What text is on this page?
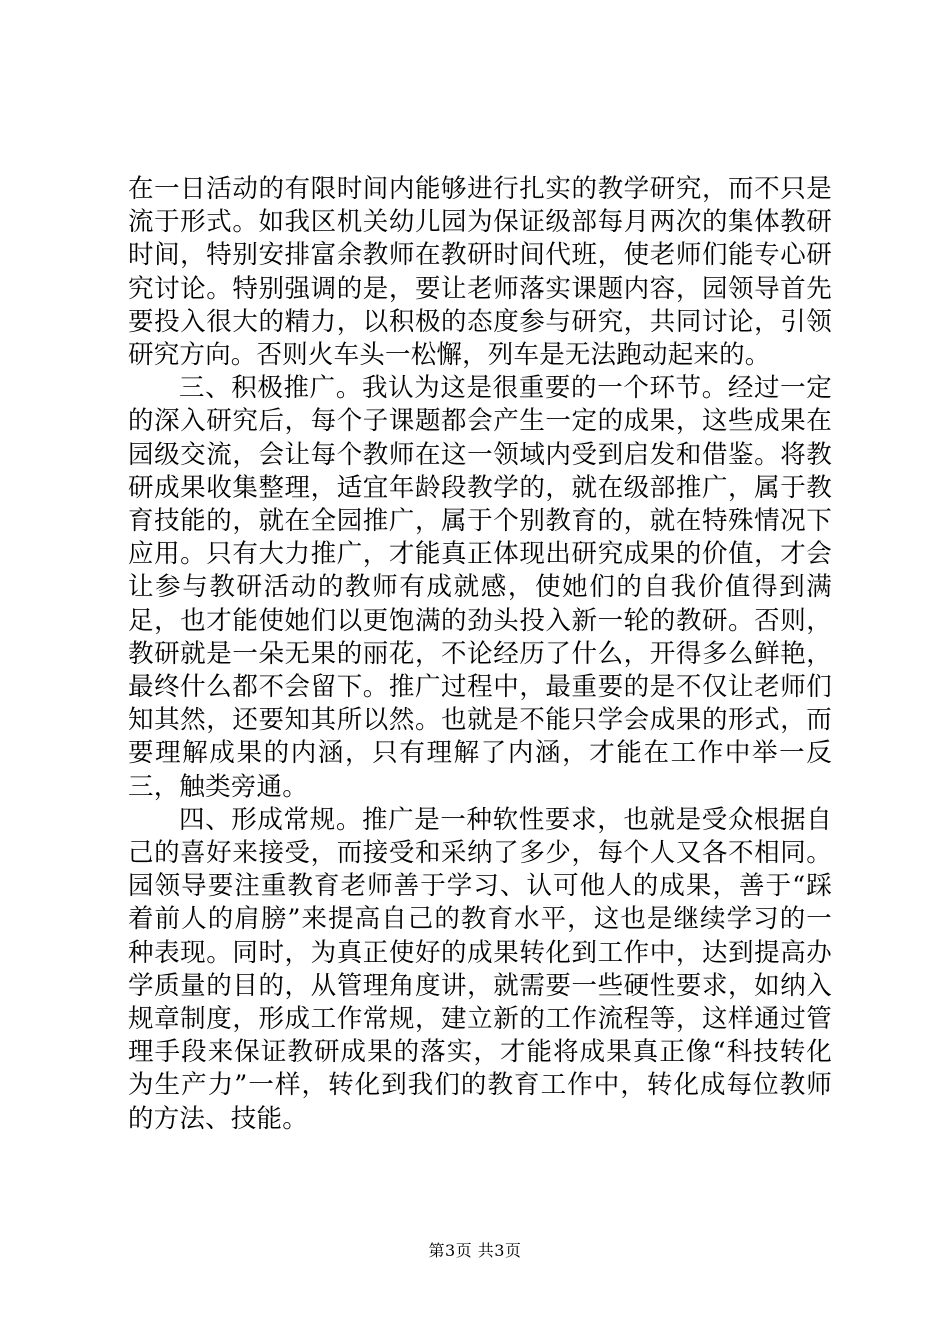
在一日活动的有限时间内能够进行扎实的教学研究，而不只是流于形式。如我区机关幼儿园为保证级部每月两次的集体教研时间，特别安排富余教师在教研时间代班，使老师们能专心研究讨论。特别强调的是，要让老师落实课题内容，园领导首先要投入很大的精力，以积极的态度参与研究，共同讨论，引领研究方向。否则火车头一松懈，列车是无法跑动起来的。

三、积极推广。我认为这是很重要的一个环节。经过一定的深入研究后，每个子课题都会产生一定的成果，这些成果在园级交流，会让每个教师在这一领域内受到启发和借鉴。将教研成果收集整理，适宜年龄段教学的，就在级部推广，属于教育技能的，就在全园推广，属于个别教育的，就在特殊情况下应用。只有大力推广，才能真正体现出研究成果的价值，才会让参与教研活动的教师有成就感，使她们的自我价值得到满足，也才能使她们以更饱满的劲头投入新一轮的教研。否则，教研就是一朵无果的丽花，不论经历了什么，开得多么鲜艳，最终什么都不会留下。推广过程中，最重要的是不仅让老师们知其然，还要知其所以然。也就是不能只学会成果的形式，而要理解成果的内涵，只有理解了内涵，才能在工作中举一反三，触类旁通。

四、形成常规。推广是一种软性要求，也就是受众根据自己的喜好来接受，而接受和采纳了多少，每个人又各不相同。园领导要注重教育老师善于学习、认可他人的成果，善于“踩着前人的肩膀”来提高自己的教育水平，这也是继续学习的一种表现。同时，为真正使好的成果转化到工作中，达到提高办学质量的目的，从管理角度讲，就需要一些硬性要求，如纳入规章制度，形成工作常规，建立新的工作流程等，这样通过管理手段来保证教研成果的落实，才能将成果真正像“科技转化为生产力”一样，转化到我们的教育工作中，转化成每位教师的方法、技能。

第3页 共3页
